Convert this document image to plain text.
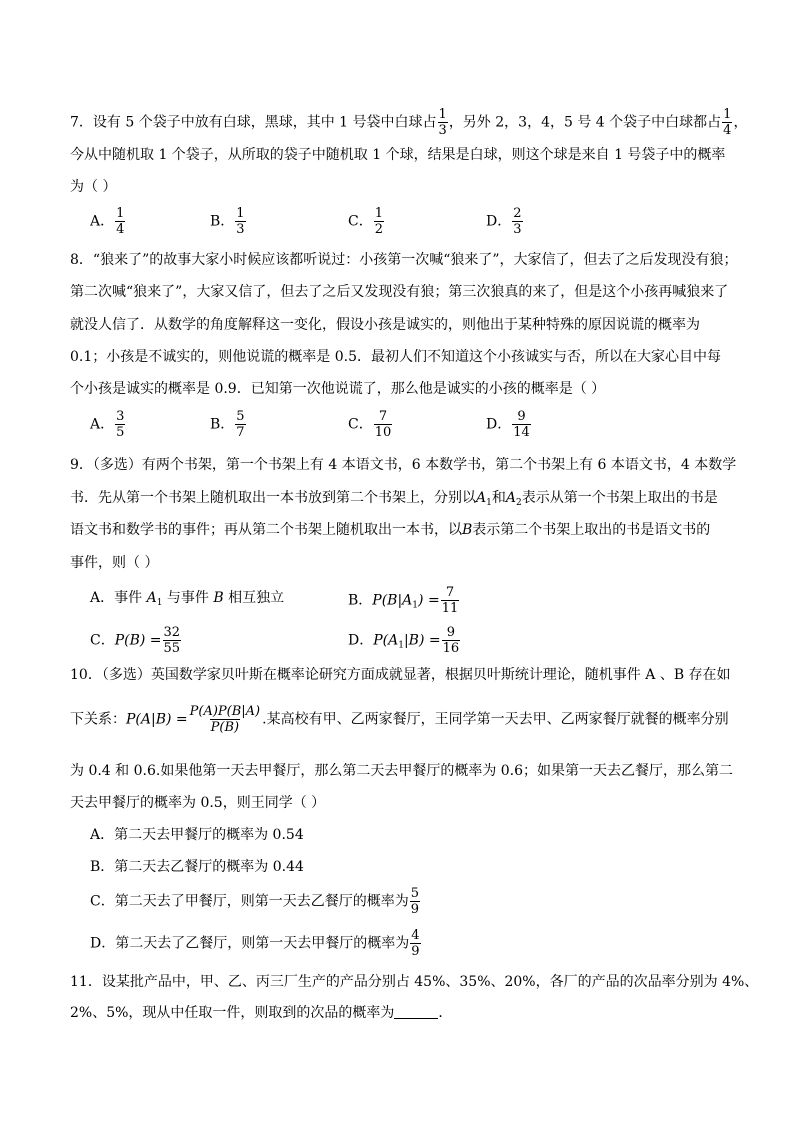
7．设有 5 个袋子中放有白球，黑球，其中 1 号袋中白球占 $\frac{1}{3}$ ，另外 2，3，4，5 号 4 个袋子中白球都占 $\frac{1}{4}$ ，
今从中随机取 1 个袋子，从所取的袋子中随机取 1 个球，结果是白球，则这个球是来自 1 号袋子中的概率
为（ ）
A． $\frac{1}{4}$	B． $\frac{1}{3}$	C． $\frac{1}{2}$	D． $\frac{2}{3}$
8．“狼来了”的故事大家小时候应该都听说过：小孩第一次喊“狼来了”，大家信了，但去了之后发现没有狼；
第二次喊“狼来了”，大家又信了，但去了之后又发现没有狼；第三次狼真的来了，但是这个小孩再喊狼来了
就没人信了．从数学的角度解释这一变化，假设小孩是诚实的，则他出于某种特殊的原因说谎的概率为
0.1；小孩是不诚实的，则他说谎的概率是 0.5．最初人们不知道这个小孩诚实与否，所以在大家心目中每
个小孩是诚实的概率是 0.9．已知第一次他说谎了，那么他是诚实的小孩的概率是（ ）
A． $\frac{3}{5}$	B． $\frac{5}{7}$	C． $\frac{7}{10}$	D． $\frac{9}{14}$
9．（多选）有两个书架，第一个书架上有 4 本语文书，6 本数学书，第二个书架上有 6 本语文书，4 本数学
书．先从第一个书架上随机取出一本书放到第二个书架上，分别以$A_1$和$A_2$表示从第一个书架上取出的书是
语文书和数学书的事件；再从第二个书架上随机取出一本书，以B表示第二个书架上取出的书是语文书的
事件，则（ ）
A．事件 $A_1$ 与事件 B 相互独立	B．$P(B|A_1) = \frac{7}{11}$
C．$P(B) = \frac{32}{55}$	D．$P(A_1|B) = \frac{9}{16}$
10．（多选）英国数学家贝叶斯在概率论研究方面成就显著，根据贝叶斯统计理论，随机事件 A 、B 存在如
下关系：$P(A|B) = \frac{P(A)P(B|A)}{P(B)}$ .某高校有甲、乙两家餐厅，王同学第一天去甲、乙两家餐厅就餐的概率分别
为 0.4 和 0.6.如果他第一天去甲餐厅，那么第二天去甲餐厅的概率为 0.6；如果第一天去乙餐厅，那么第二
天去甲餐厅的概率为 0.5，则王同学（ ）
A．第二天去甲餐厅的概率为 0.54
B．第二天去乙餐厅的概率为 0.44
C．第二天去了甲餐厅，则第一天去乙餐厅的概率为 $\frac{5}{9}$
D．第二天去了乙餐厅，则第一天去甲餐厅的概率为 $\frac{4}{9}$
11．设某批产品中，甲、乙、丙三厂生产的产品分别占 45%、35%、20%，各厂的产品的次品率分别为 4%、
2%、5%，现从中任取一件，则取到的次品的概率为	．
